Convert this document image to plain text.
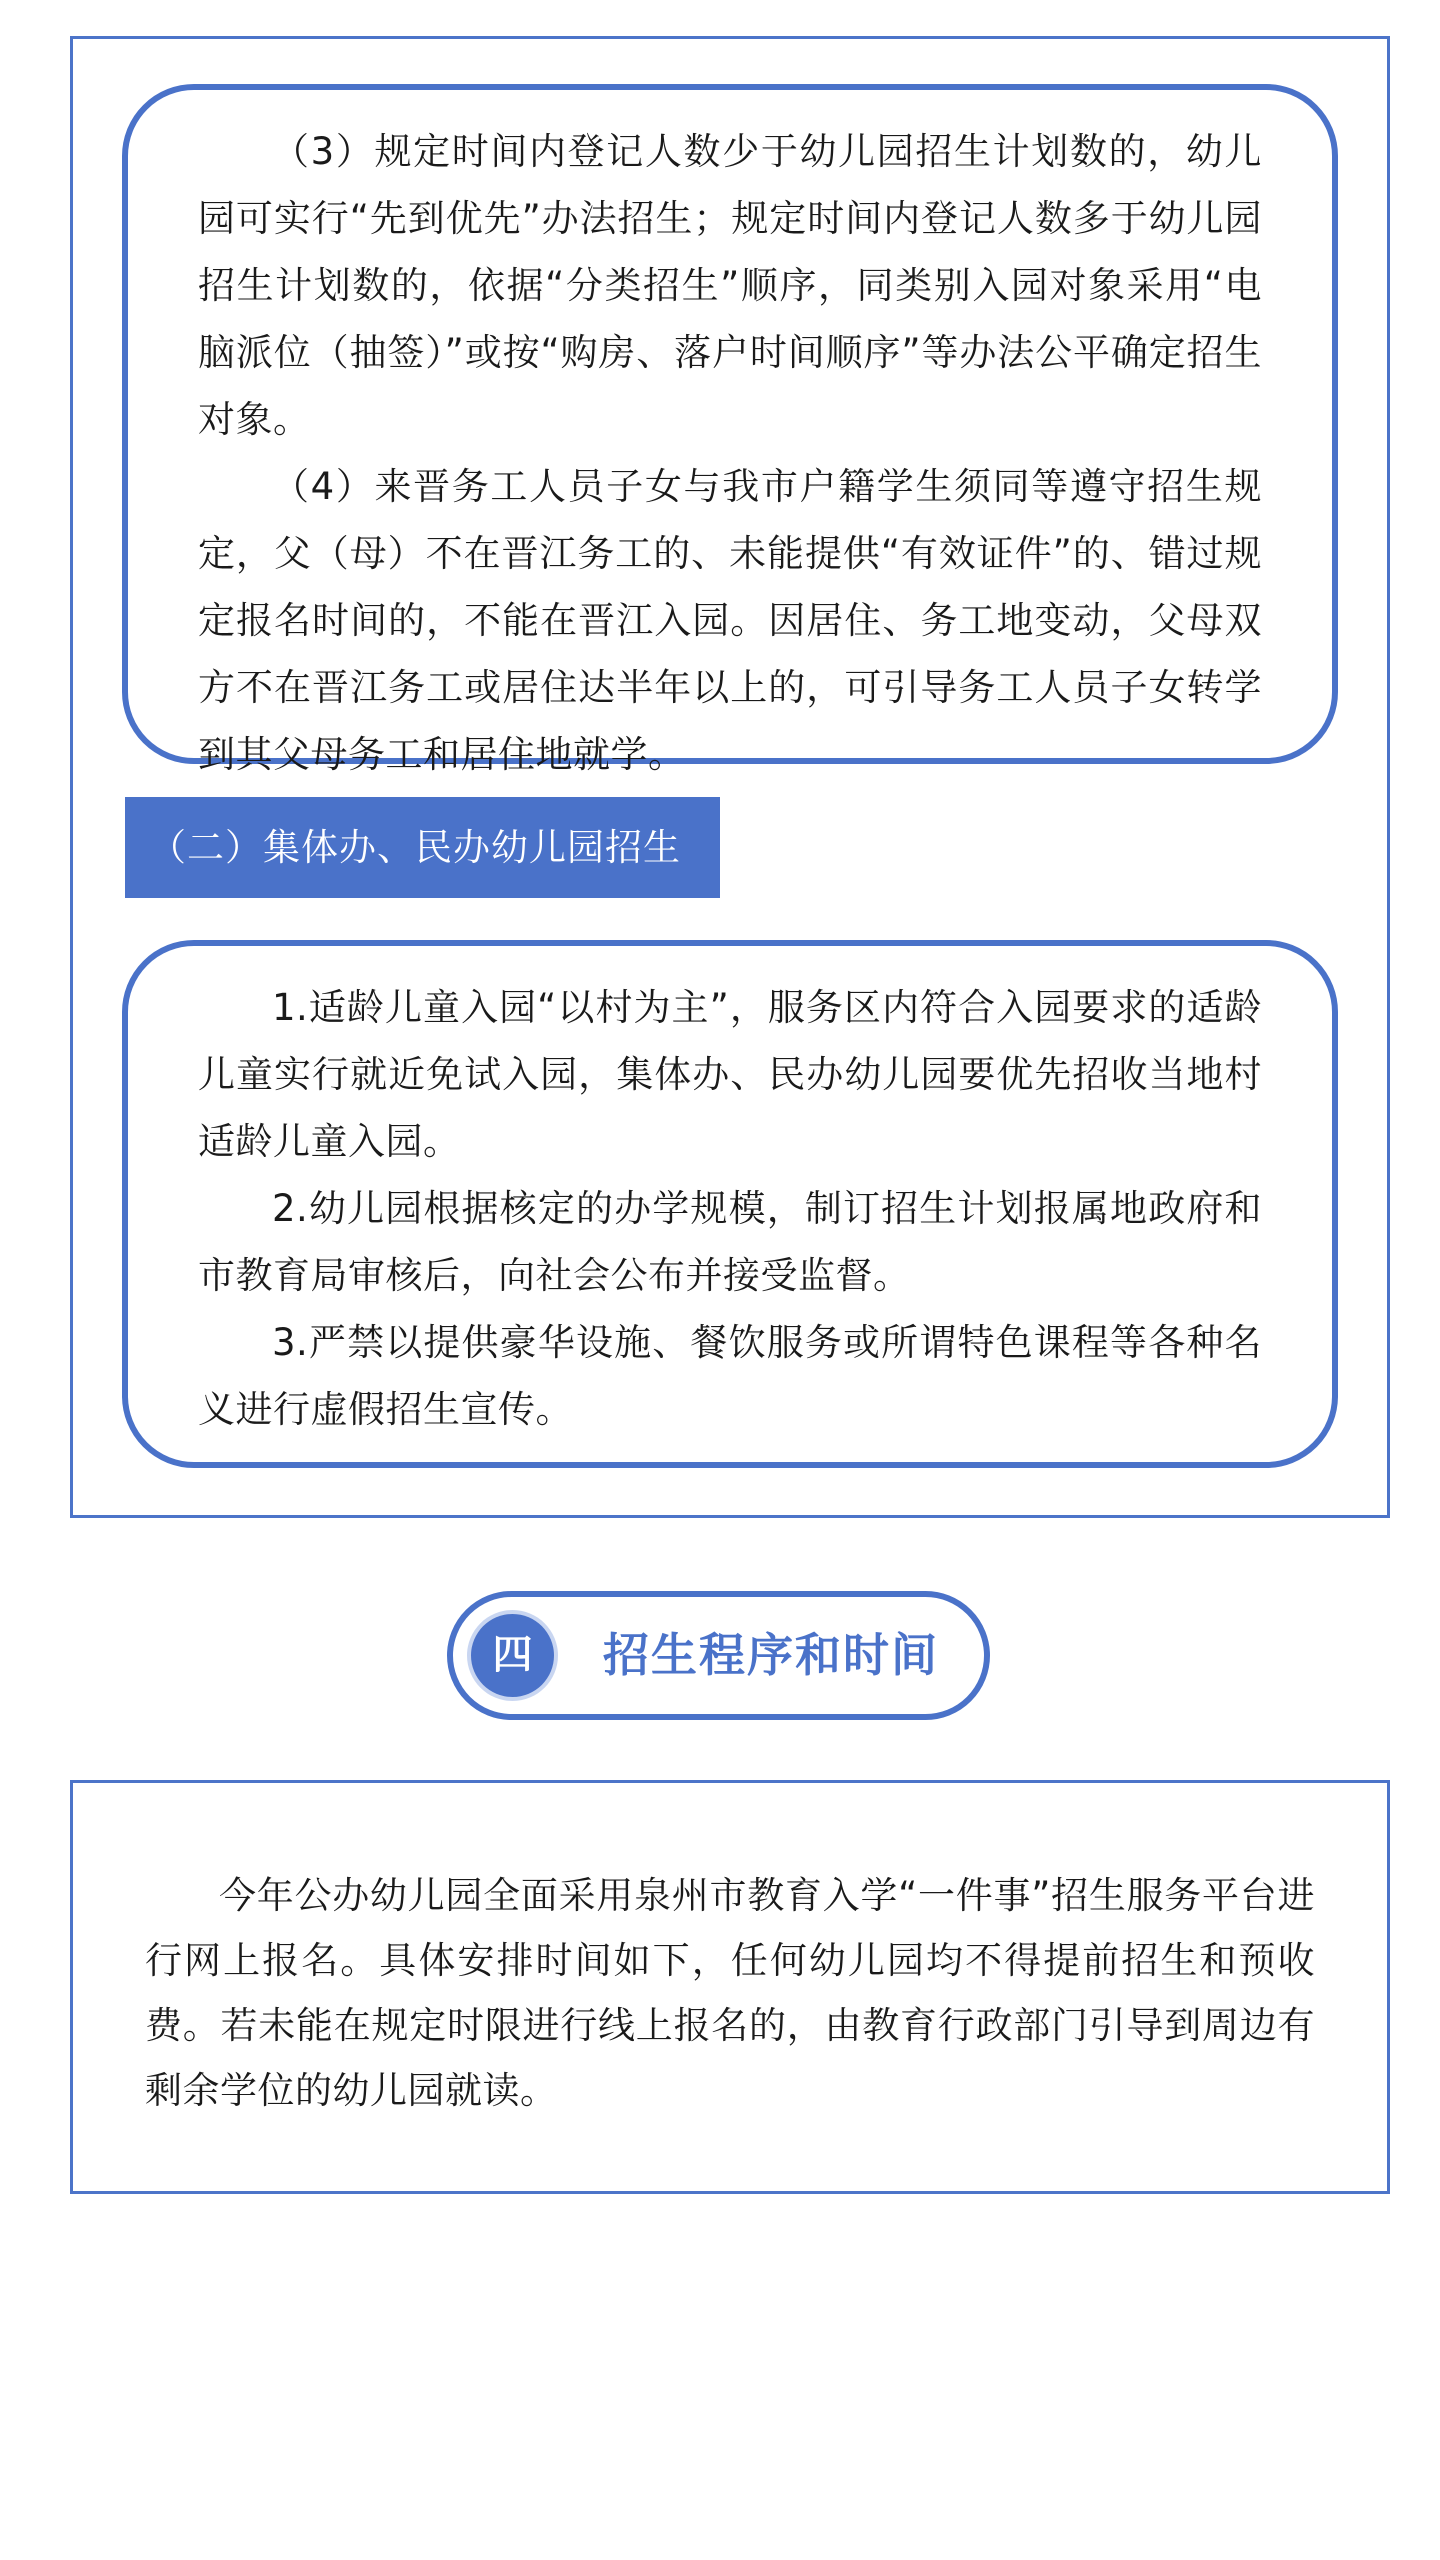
（3）规定时间内登记人数少于幼儿园招生计划数的，幼儿园可实行“先到优先”办法招生；规定时间内登记人数多于幼儿园招生计划数的，依据“分类招生”顺序，同类别入园对象采用“电脑派位（抽签）”或按“购房、落户时间顺序”等办法公平确定招生对象。

（4）来晋务工人员子女与我市户籍学生须同等遵守招生规定，父（母）不在晋江务工的、未能提供“有效证件”的、错过规定报名时间的，不能在晋江入园。因居住、务工地变动，父母双方不在晋江务工或居住达半年以上的，可引导务工人员子女转学到其父母务工和居住地就学。

（二）集体办、民办幼儿园招生

1.适龄儿童入园“以村为主”，服务区内符合入园要求的适龄儿童实行就近免试入园，集体办、民办幼儿园要优先招收当地村适龄儿童入园。

2.幼儿园根据核定的办学规模，制订招生计划报属地政府和市教育局审核后，向社会公布并接受监督。

3.严禁以提供豪华设施、餐饮服务或所谓特色课程等各种名义进行虚假招生宣传。

四	招生程序和时间

今年公办幼儿园全面采用泉州市教育入学“一件事”招生服务平台进行网上报名。具体安排时间如下，任何幼儿园均不得提前招生和预收费。若未能在规定时限进行线上报名的，由教育行政部门引导到周边有剩余学位的幼儿园就读。
